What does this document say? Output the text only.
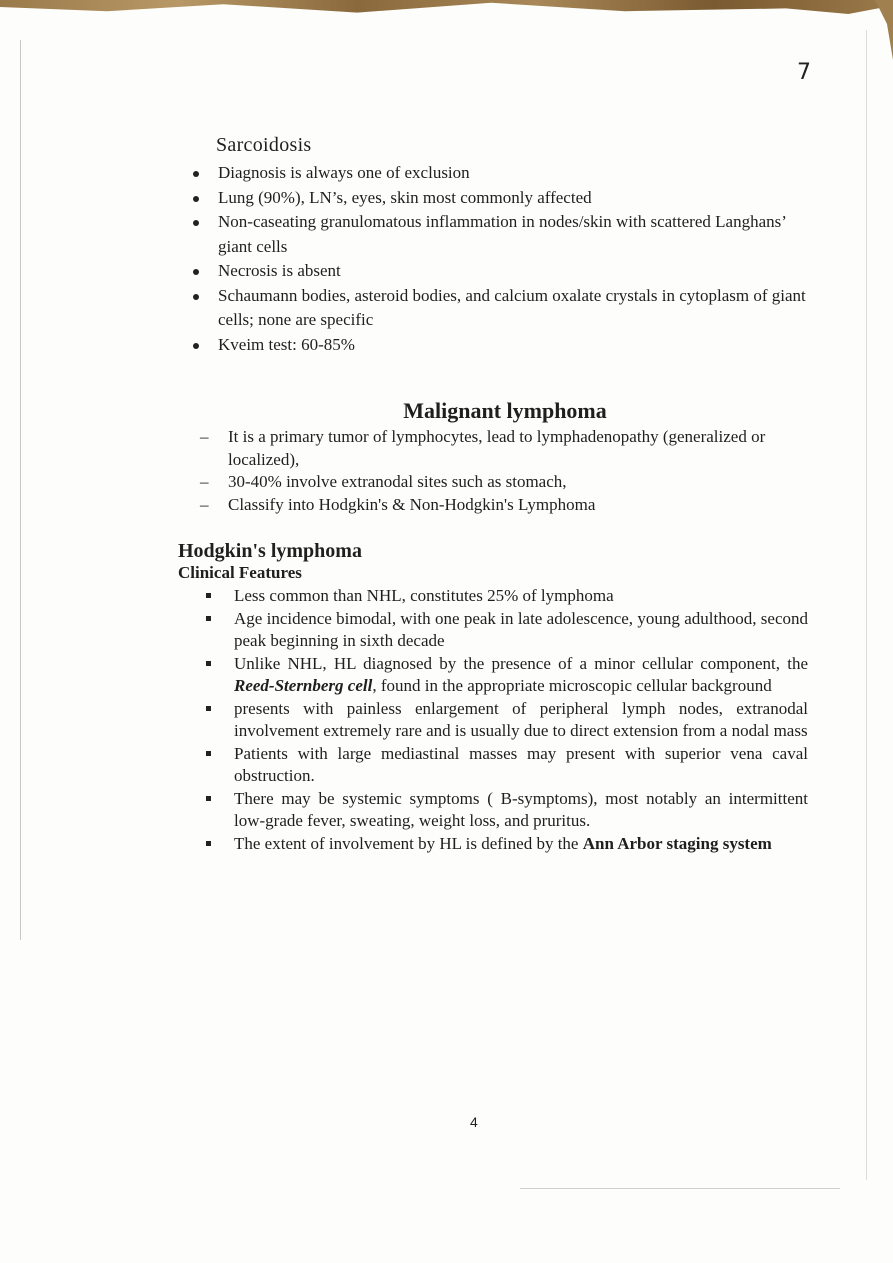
7
Sarcoidosis
Diagnosis is always one of exclusion
Lung (90%), LN’s, eyes, skin most commonly affected
Non-caseating granulomatous inflammation in nodes/skin with scattered Langhans’ giant cells
Necrosis is absent
Schaumann bodies, asteroid bodies, and calcium oxalate crystals in cytoplasm of giant cells; none are specific
Kveim test: 60-85%
Malignant lymphoma
– It is a primary tumor of lymphocytes, lead to lymphadenopathy (generalized or localized),
– 30-40% involve extranodal sites such as stomach,
– Classify into Hodgkin's & Non-Hodgkin's Lymphoma
Hodgkin's lymphoma
Clinical Features
Less common than NHL, constitutes 25% of lymphoma
Age incidence bimodal, with one peak in late adolescence, young adulthood, second peak beginning in sixth decade
Unlike NHL, HL diagnosed by the presence of a minor cellular component, the Reed-Sternberg cell, found in the appropriate microscopic cellular background
presents with painless enlargement of peripheral lymph nodes, extranodal involvement extremely rare and is usually due to direct extension from a nodal mass
Patients with large mediastinal masses may present with superior vena caval obstruction.
There may be systemic symptoms ( B-symptoms), most notably an intermittent low-grade fever, sweating, weight loss, and pruritus.
The extent of involvement by HL is defined by the Ann Arbor staging system
4
